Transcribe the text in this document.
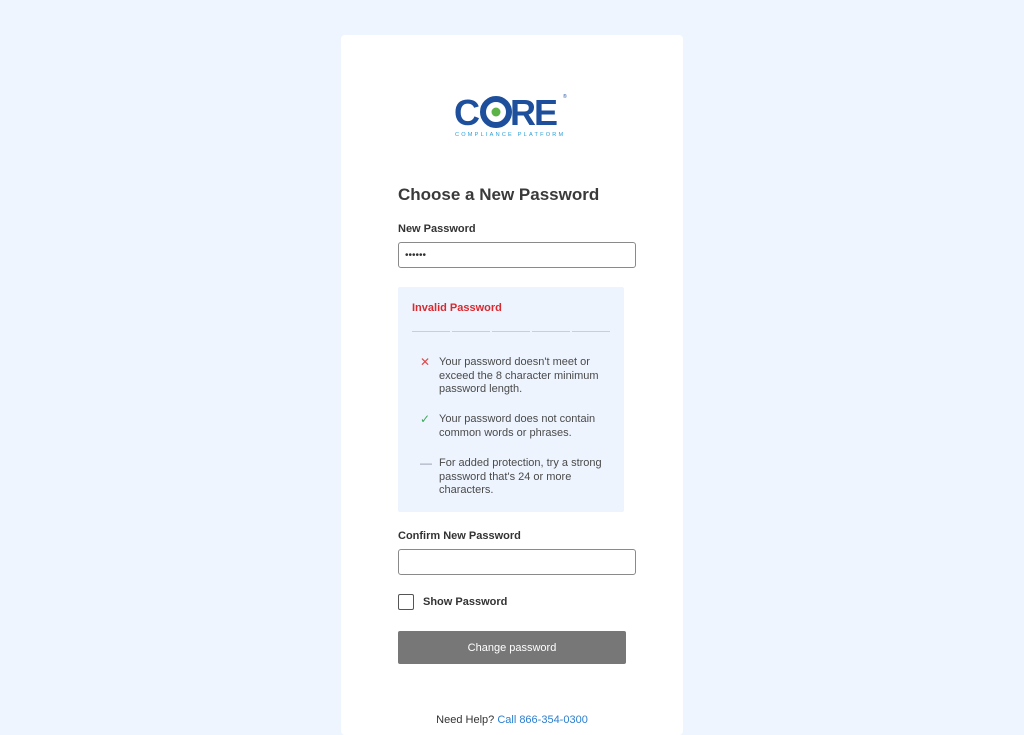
C RE ®
COMPLIANCE PLATFORM
Choose a New Password
New Password
••••••
Invalid Password
✕ Your password doesn't meet or exceed the 8 character minimum password length.
✓ Your password does not contain common words or phrases.
— For added protection, try a strong password that's 24 or more characters.
Confirm New Password
Show Password
Change password
Need Help? Call 866-354-0300
